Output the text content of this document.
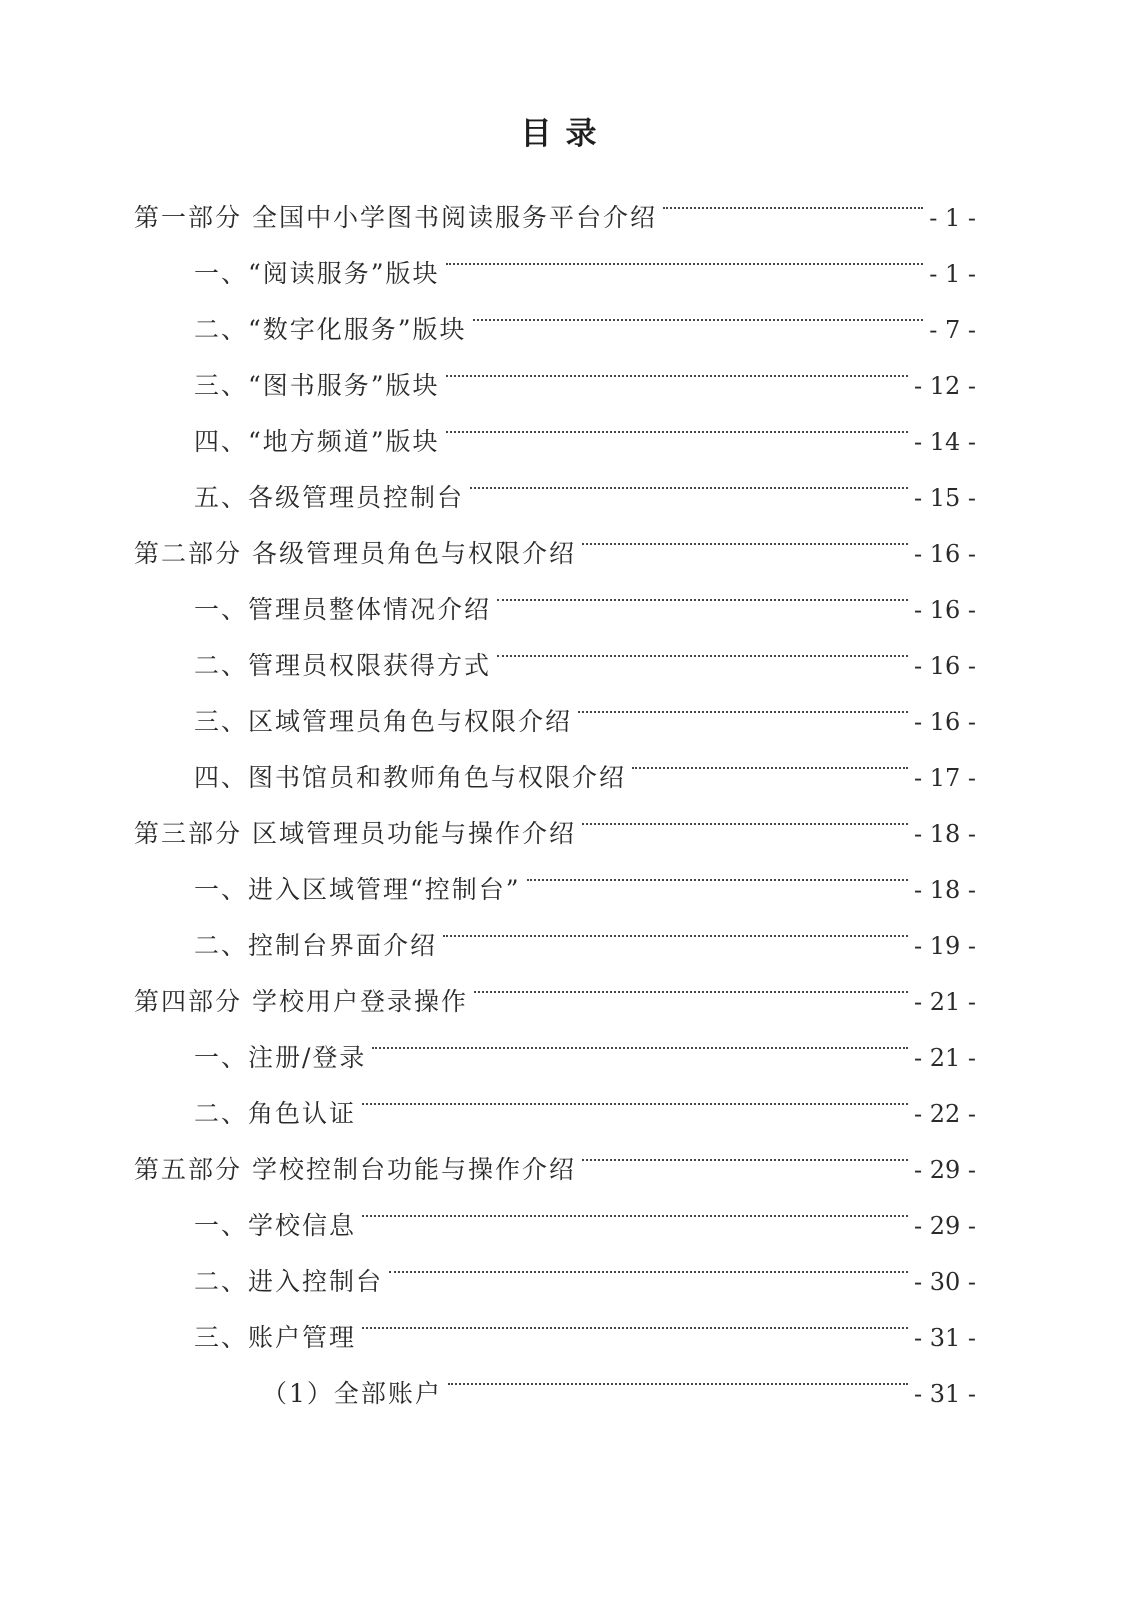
目录
第一部分 全国中小学图书阅读服务平台介绍	- 1 -
一、“阅读服务”版块	- 1 -
二、“数字化服务”版块	- 7 -
三、“图书服务”版块	- 12 -
四、“地方频道”版块	- 14 -
五、各级管理员控制台	- 15 -
第二部分 各级管理员角色与权限介绍	- 16 -
一、管理员整体情况介绍	- 16 -
二、管理员权限获得方式	- 16 -
三、区域管理员角色与权限介绍	- 16 -
四、图书馆员和教师角色与权限介绍	- 17 -
第三部分 区域管理员功能与操作介绍	- 18 -
一、进入区域管理“控制台”	- 18 -
二、控制台界面介绍	- 19 -
第四部分 学校用户登录操作	- 21 -
一、注册/登录	- 21 -
二、角色认证	- 22 -
第五部分 学校控制台功能与操作介绍	- 29 -
一、学校信息	- 29 -
二、进入控制台	- 30 -
三、账户管理	- 31 -
（1）全部账户	- 31 -
